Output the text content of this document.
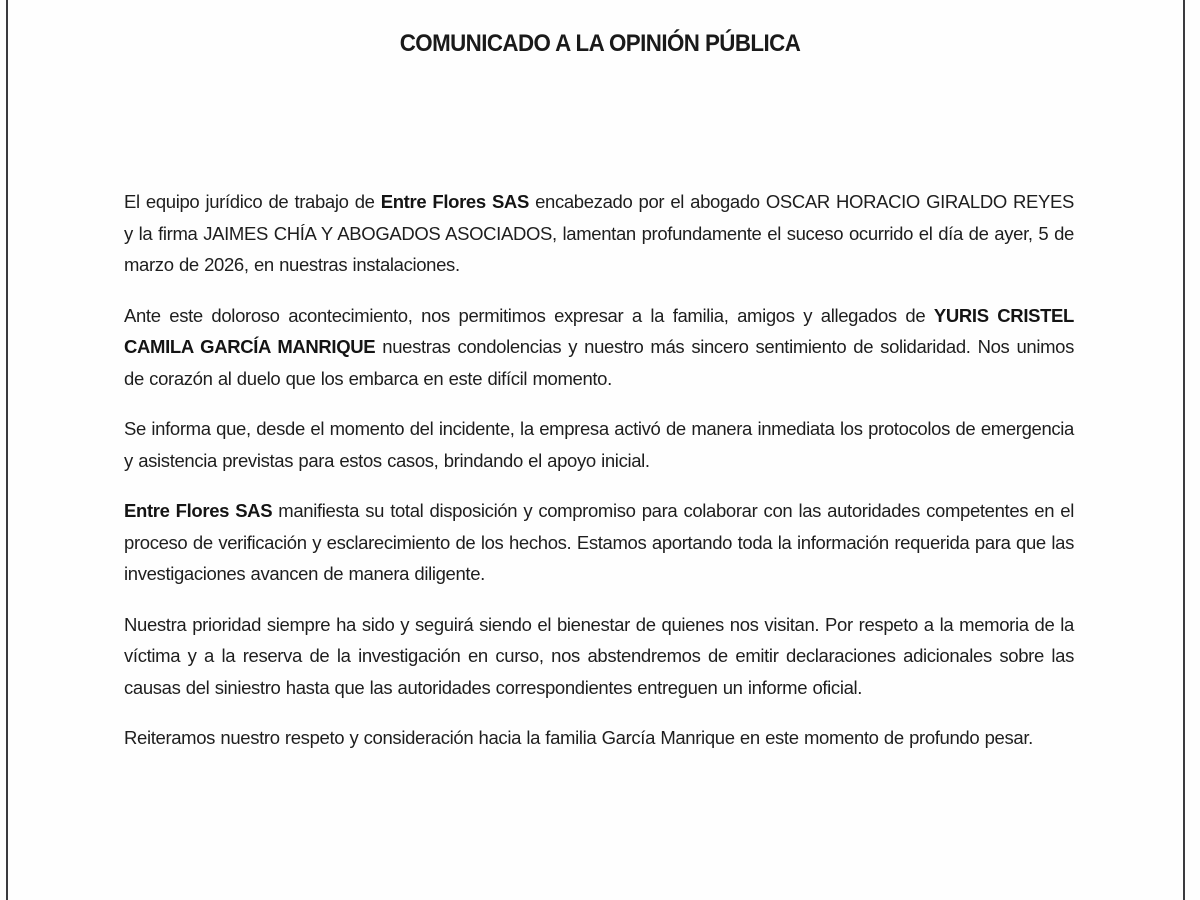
COMUNICADO A LA OPINIÓN PÚBLICA

El equipo jurídico de trabajo de Entre Flores SAS encabezado por el abogado OSCAR HORACIO GIRALDO REYES y la firma JAIMES CHÍA Y ABOGADOS ASOCIADOS, lamentan profundamente el suceso ocurrido el día de ayer, 5 de marzo de 2026, en nuestras instalaciones.

Ante este doloroso acontecimiento, nos permitimos expresar a la familia, amigos y allegados de YURIS CRISTEL CAMILA GARCÍA MANRIQUE nuestras condolencias y nuestro más sincero sentimiento de solidaridad. Nos unimos de corazón al duelo que los embarca en este difícil momento.

Se informa que, desde el momento del incidente, la empresa activó de manera inmediata los protocolos de emergencia y asistencia previstas para estos casos, brindando el apoyo inicial.

Entre Flores SAS manifiesta su total disposición y compromiso para colaborar con las autoridades competentes en el proceso de verificación y esclarecimiento de los hechos. Estamos aportando toda la información requerida para que las investigaciones avancen de manera diligente.

Nuestra prioridad siempre ha sido y seguirá siendo el bienestar de quienes nos visitan. Por respeto a la memoria de la víctima y a la reserva de la investigación en curso, nos abstendremos de emitir declaraciones adicionales sobre las causas del siniestro hasta que las autoridades correspondientes entreguen un informe oficial.

Reiteramos nuestro respeto y consideración hacia la familia García Manrique en este momento de profundo pesar.
